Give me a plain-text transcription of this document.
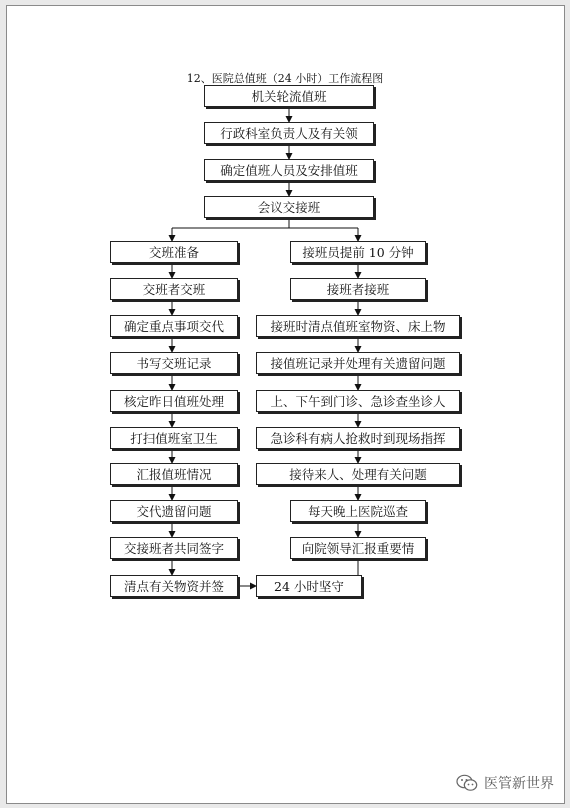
12、医院总值班（24 小时）工作流程图
机关轮流值班
行政科室负责人及有关领
确定值班人员及安排值班
会议交接班
交班准备
交班者交班
确定重点事项交代
书写交班记录
核定昨日值班处理
打扫值班室卫生
汇报值班情况
交代遗留问题
交接班者共同签字
清点有关物资并签
接班员提前 10 分钟
接班者接班
接班时清点值班室物资、床上物
接值班记录并处理有关遗留问题
上、下午到门诊、急诊查坐诊人
急诊科有病人抢救时到现场指挥
接待来人、处理有关问题
每天晚上医院巡查
向院领导汇报重要情
24 小时坚守
医管新世界
